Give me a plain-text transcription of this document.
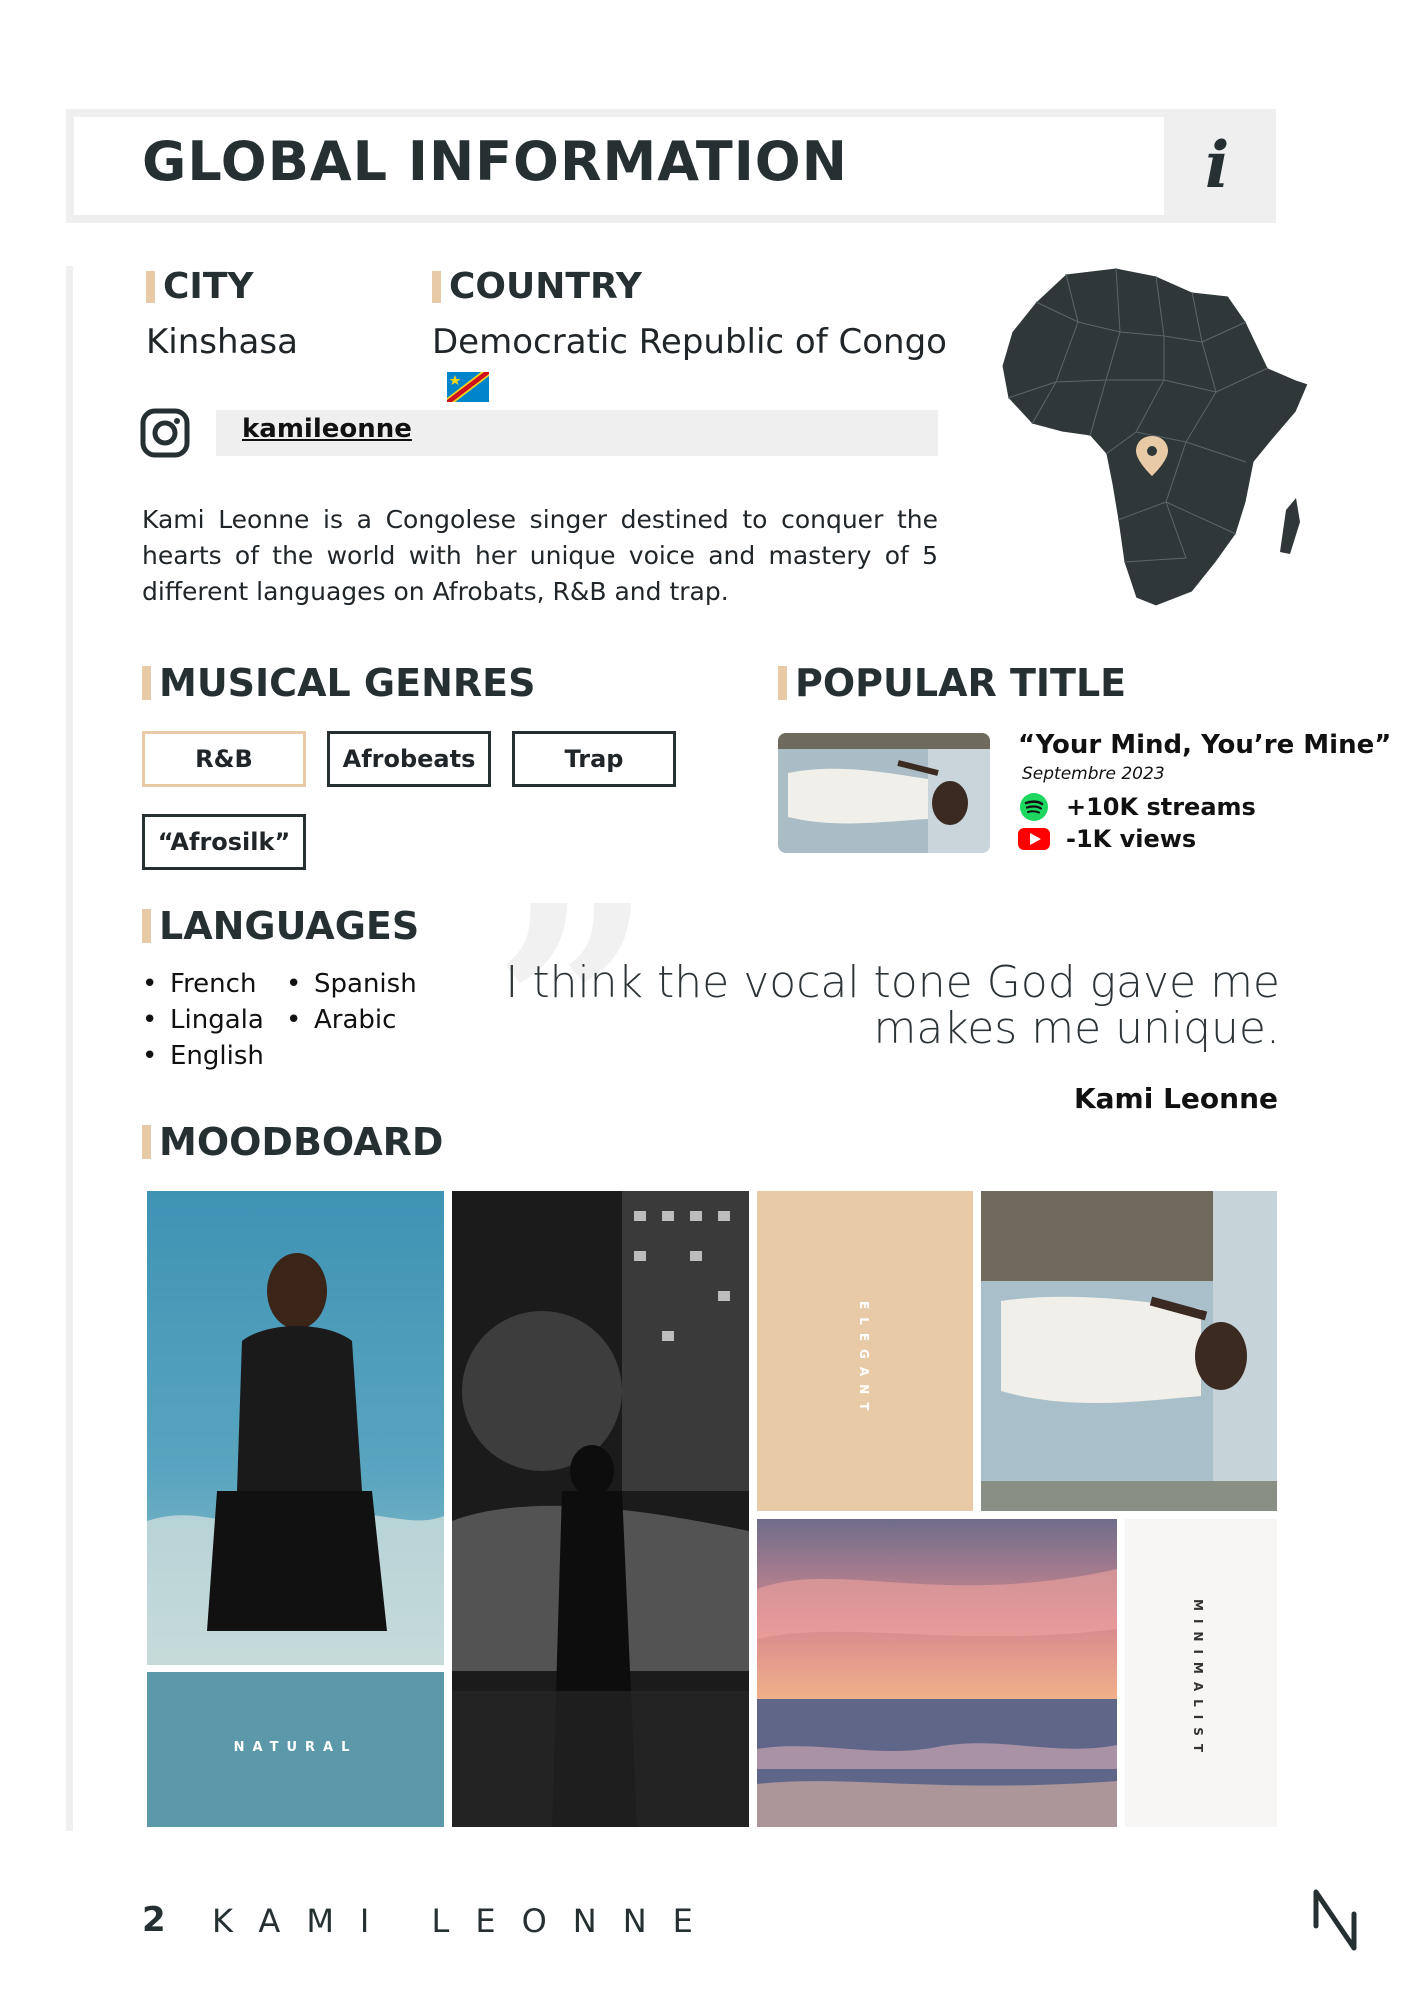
GLOBAL INFORMATION	i
CITY
Kinshasa
COUNTRY
Democratic Republic of Congo
kamileonne
Kami Leonne is a Congolese singer destined to conquer the hearts of the world with her unique voice and mastery of 5 different languages on Afrobats, R&B and trap.
MUSICAL GENRES
R&B	Afrobeats	Trap
“Afrosilk”
POPULAR TITLE
“Your Mind, You’re Mine”
Septembre 2023
+10K streams
-1K views
LANGUAGES
• French
• Lingala
• English
• Spanish
• Arabic ”
I think the vocal tone God gave me
makes me unique.
Kami Leonne
MOODBOARD
NATURAL
ELEGANT
MINIMALIST
2 KAMI LEONNE
